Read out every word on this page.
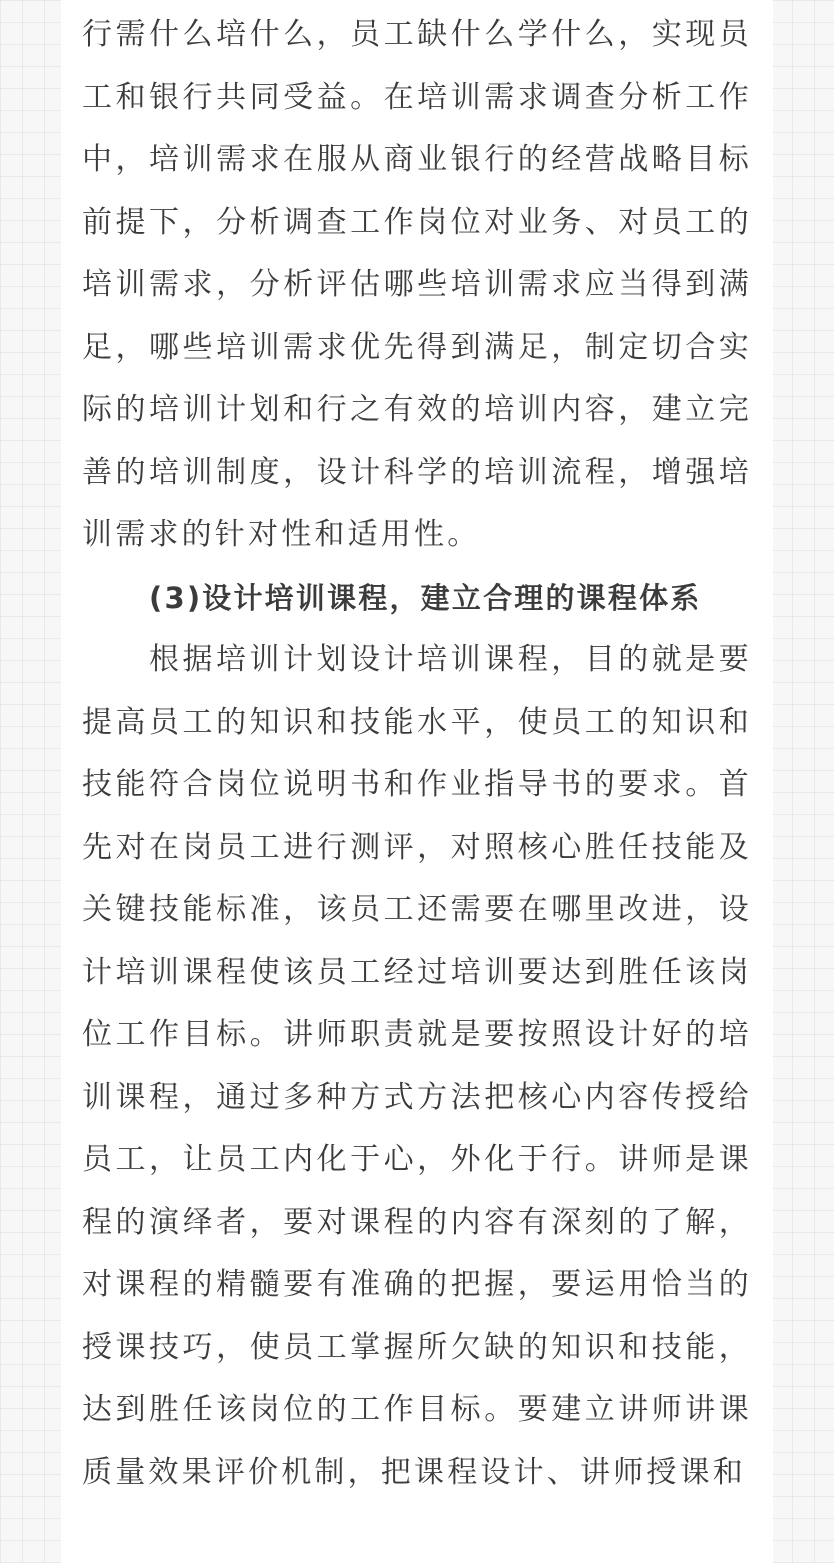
行需什么培什么，员工缺什么学什么，实现员工和银行共同受益。在培训需求调查分析工作中，培训需求在服从商业银行的经营战略目标前提下，分析调查工作岗位对业务、对员工的培训需求，分析评估哪些培训需求应当得到满足，哪些培训需求优先得到满足，制定切合实际的培训计划和行之有效的培训内容，建立完善的培训制度，设计科学的培训流程，增强培训需求的针对性和适用性。

(3)设计培训课程，建立合理的课程体系

根据培训计划设计培训课程，目的就是要提高员工的知识和技能水平，使员工的知识和技能符合岗位说明书和作业指导书的要求。首先对在岗员工进行测评，对照核心胜任技能及关键技能标准，该员工还需要在哪里改进，设计培训课程使该员工经过培训要达到胜任该岗位工作目标。讲师职责就是要按照设计好的培训课程，通过多种方式方法把核心内容传授给员工，让员工内化于心，外化于行。讲师是课程的演绎者，要对课程的内容有深刻的了解，对课程的精髓要有准确的把握，要运用恰当的授课技巧，使员工掌握所欠缺的知识和技能，达到胜任该岗位的工作目标。要建立讲师讲课质量效果评价机制，把课程设计、讲师授课和
